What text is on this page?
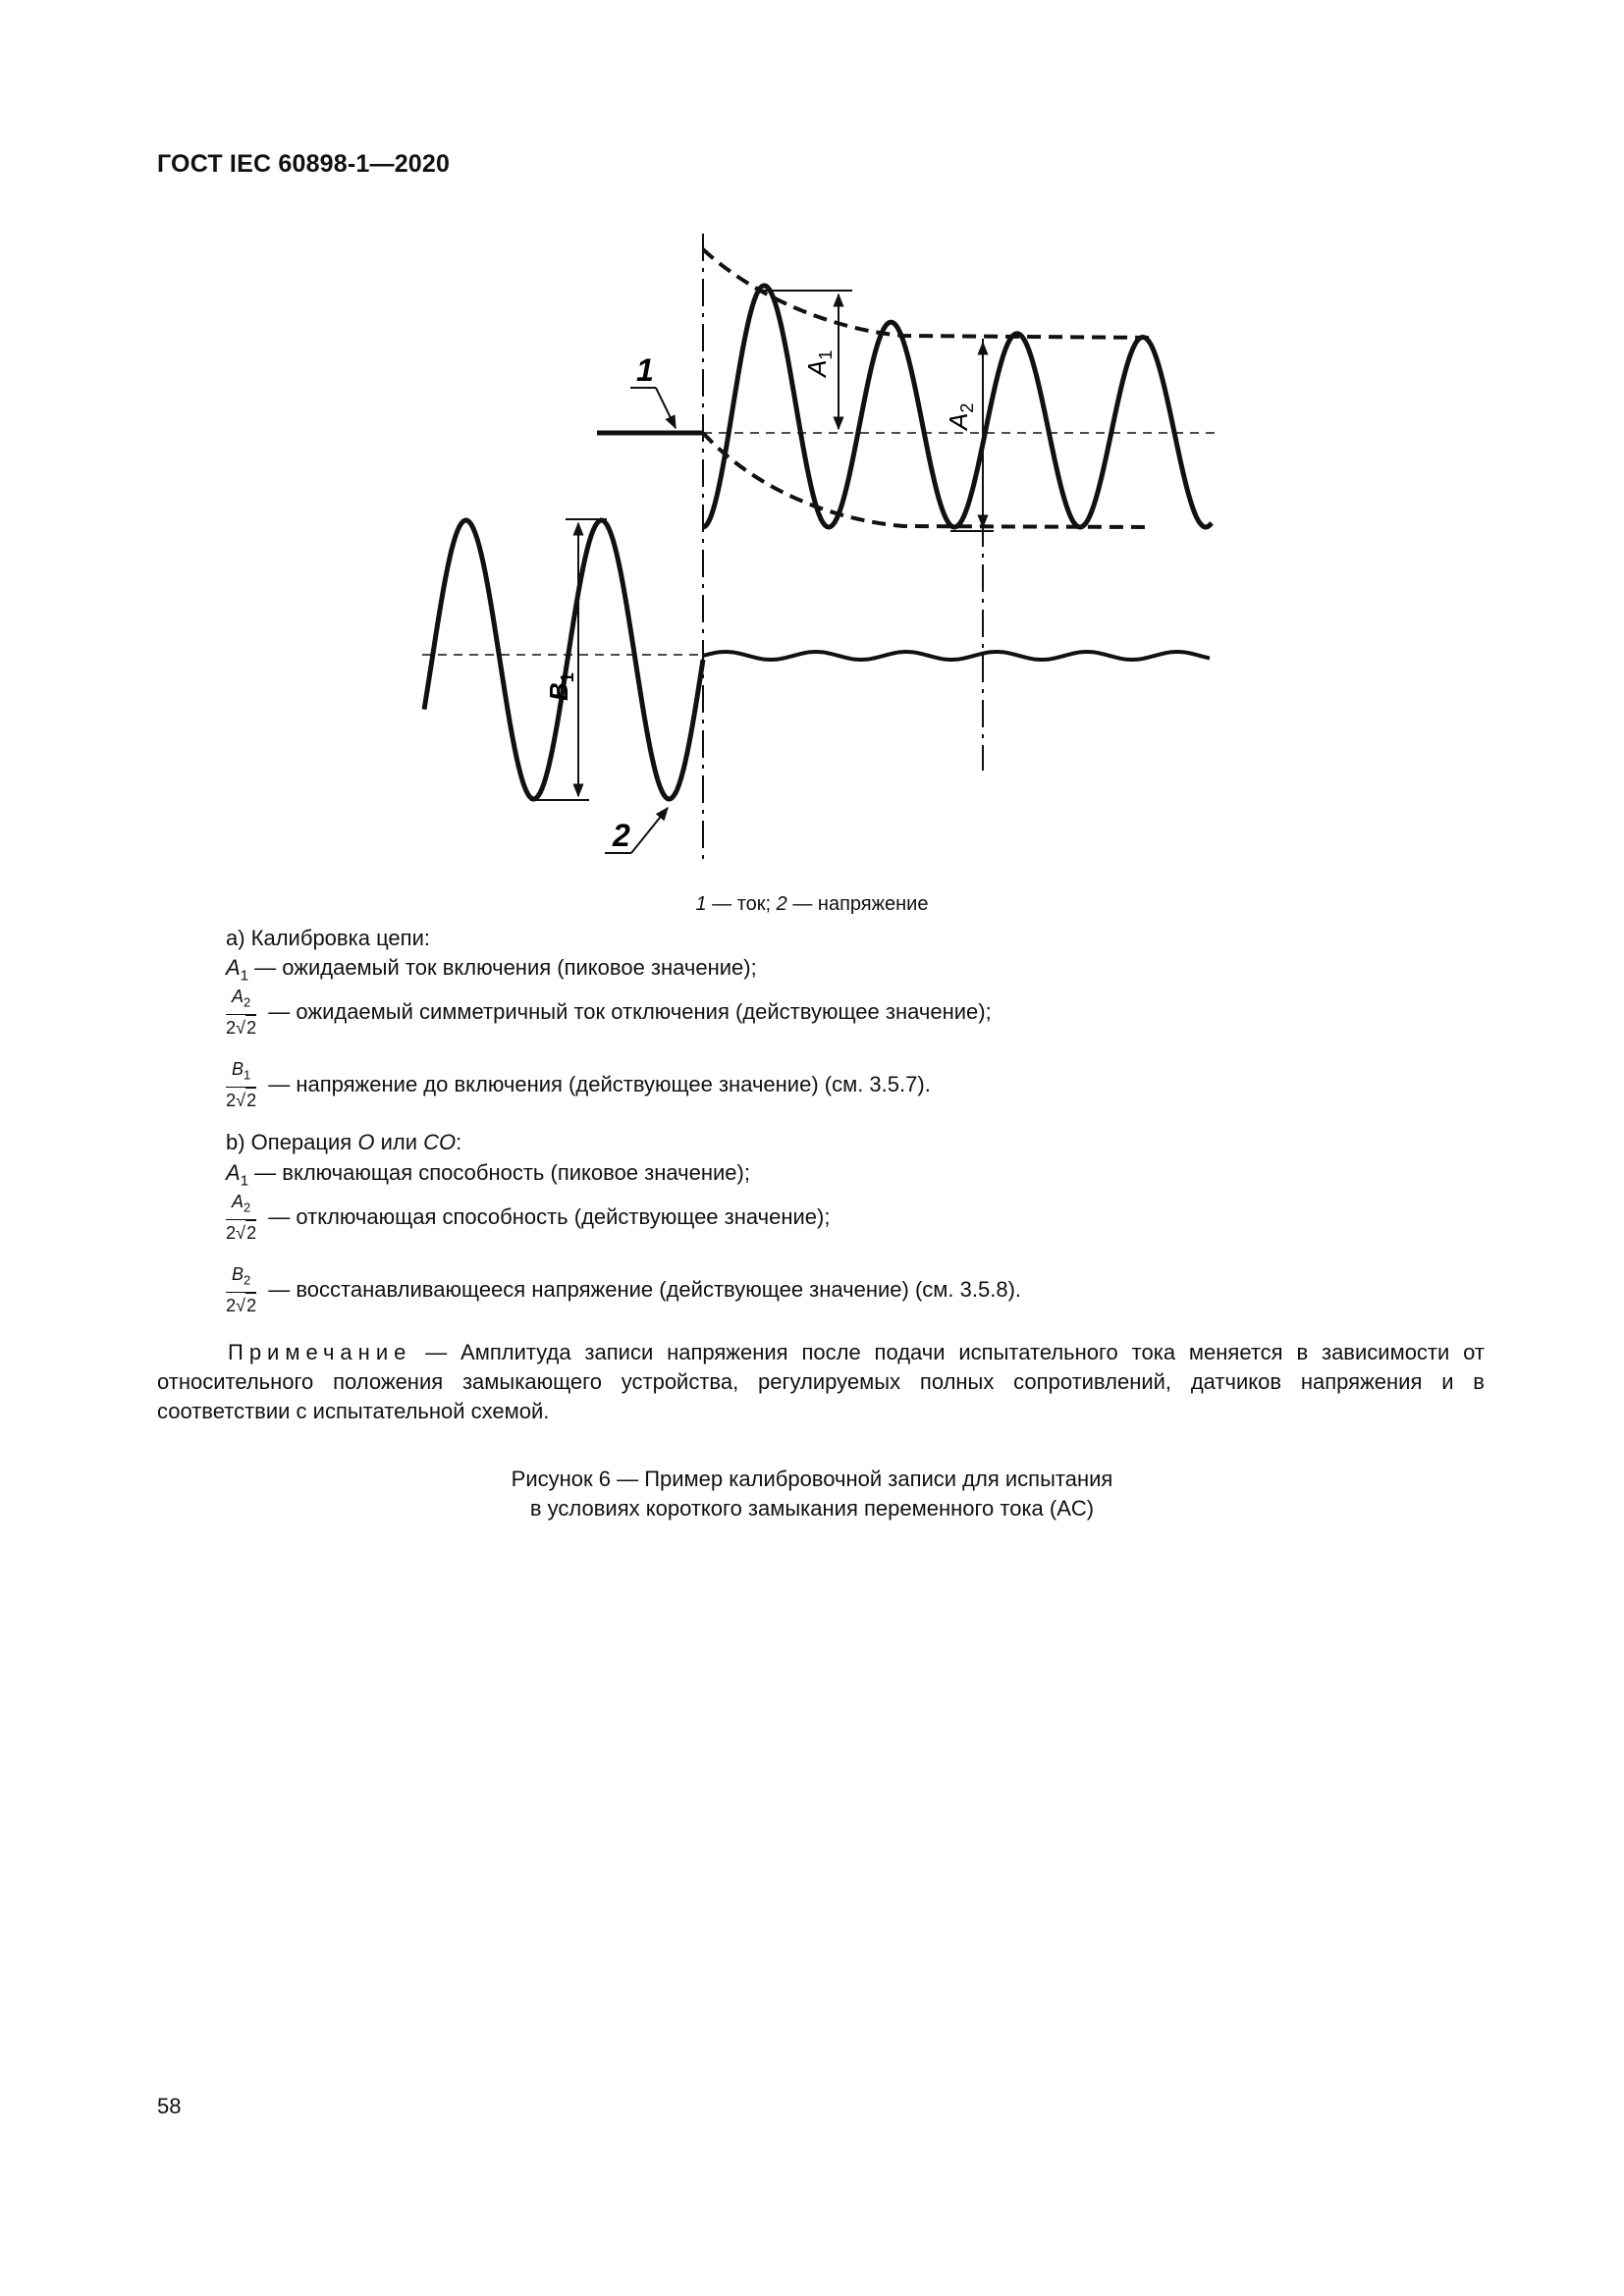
ГОСТ IEC 60898-1—2020
$A_1$
$A_2$
$B_1$
1
2
1 — ток; 2 — напряжение
а) Калибровка цепи:
$A_1$ — ожидаемый ток включения (пиковое значение);
$\frac{A_2}{2√2}$ — ожидаемый симметричный ток отключения (действующее значение);
$\frac{B_1}{2√2}$ — напряжение до включения (действующее значение) (см. 3.5.7).
b) Операция O или CO:
$A_1$ — включающая способность (пиковое значение);
$\frac{A_2}{2√2}$ — отключающая способность (действующее значение);
$\frac{B_2}{2√2}$ — восстанавливающееся напряжение (действующее значение) (см. 3.5.8).
Примечание — Амплитуда записи напряжения после подачи испытательного тока меняется в зависимости от относительного положения замыкающего устройства, регулируемых полных сопротивлений, датчиков напряжения и в соответствии с испытательной схемой.
Рисунок 6 — Пример калибровочной записи для испытания
в условиях короткого замыкания переменного тока (AC)
58
